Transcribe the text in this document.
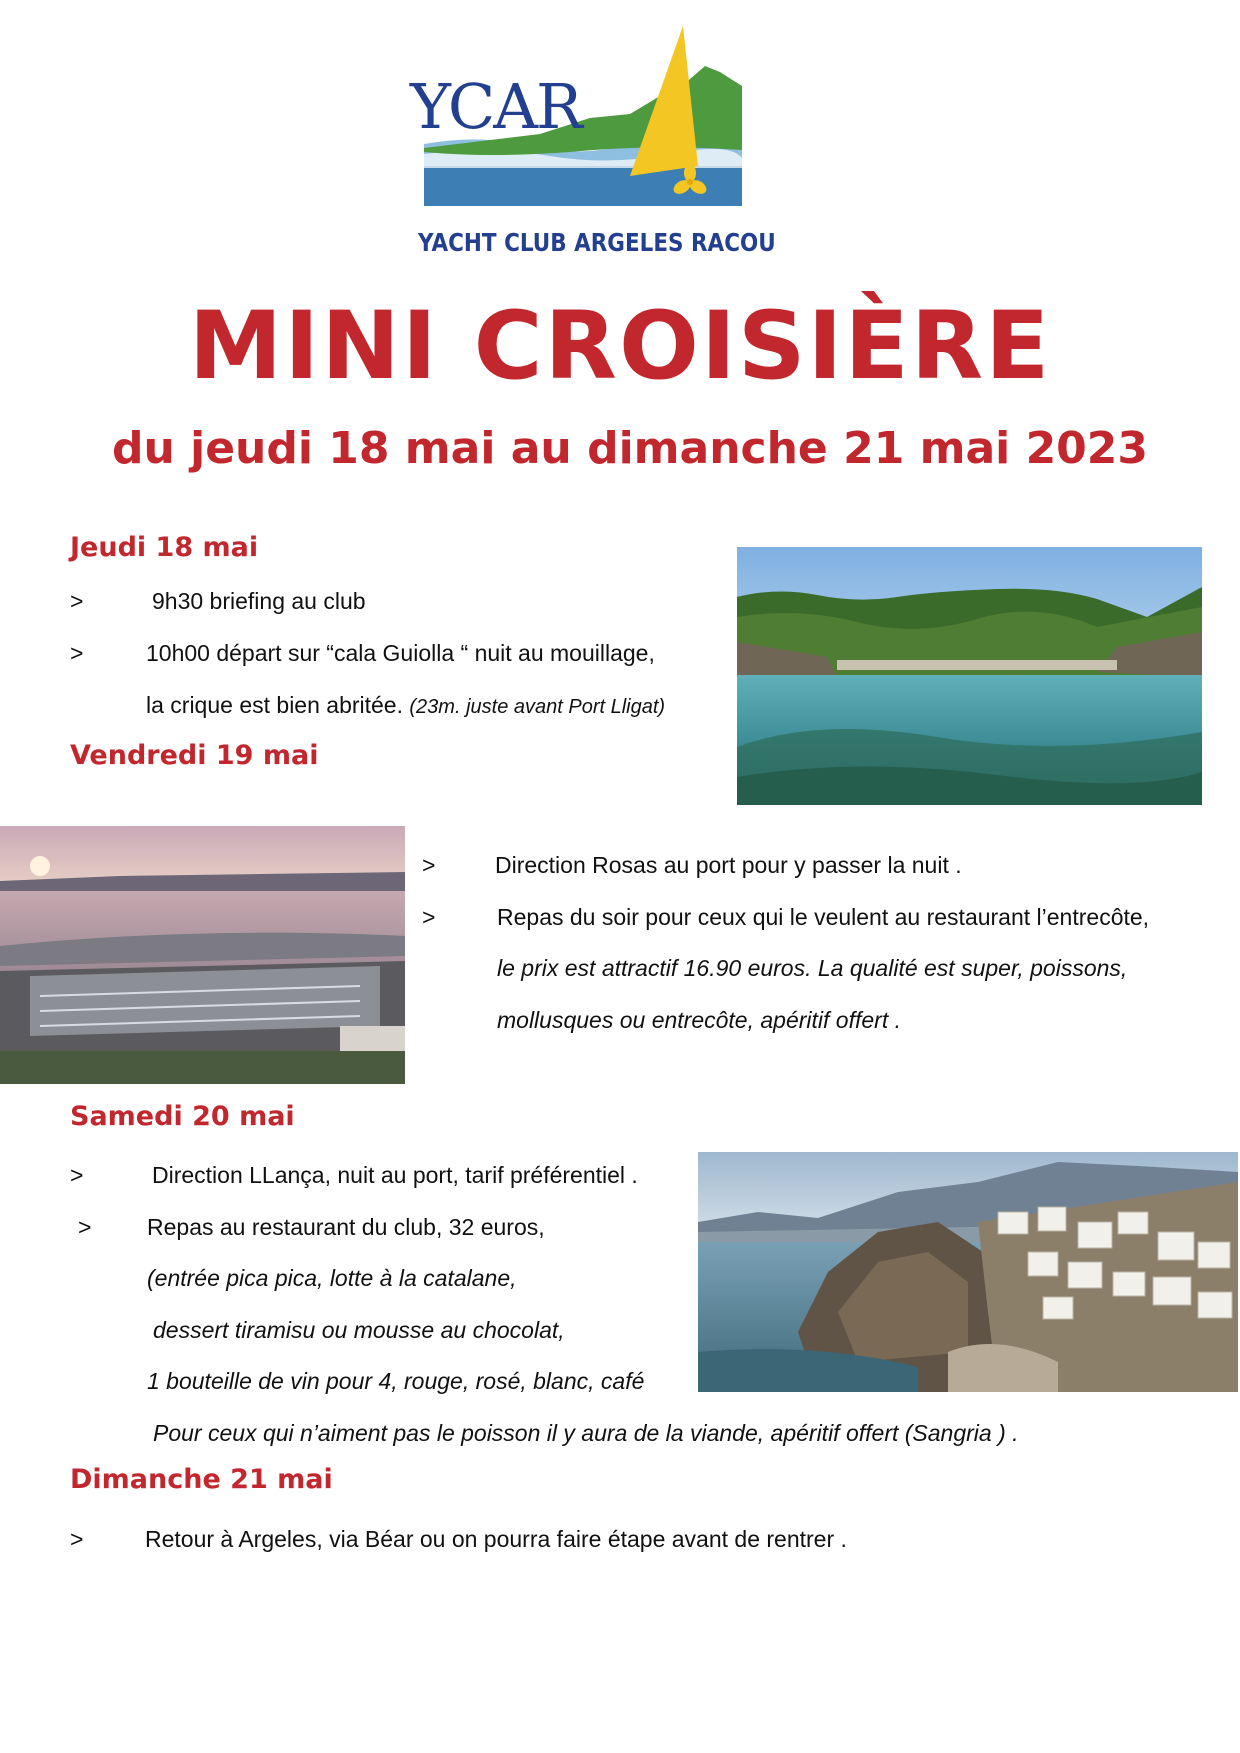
YCAR
YACHT CLUB ARGELES RACOU
MINI CROISIÈRE
du jeudi 18 mai au dimanche 21 mai 2023
Jeudi 18 mai
>	9h30 briefing au club
>	10h00 départ sur “cala Guiolla “ nuit au mouillage,
la crique est bien abritée. (23m. juste avant Port Lligat)
Vendredi 19 mai
>	Direction Rosas au port pour y passer la nuit .
>	Repas du soir pour ceux qui le veulent au restaurant l’entrecôte,
le prix est attractif 16.90 euros. La qualité est super, poissons,
mollusques ou entrecôte, apéritif offert .
Samedi 20 mai
>	Direction LLança, nuit au port, tarif préférentiel .
> Repas au restaurant du club, 32 euros,
(entrée pica pica, lotte à la catalane,
dessert tiramisu ou mousse au chocolat,
1 bouteille de vin pour 4, rouge, rosé, blanc, café
Pour ceux qui n’aiment pas le poisson il y aura de la viande, apéritif offert (Sangria ) .
Dimanche 21 mai
>	Retour à Argeles, via Béar ou on pourra faire étape avant de rentrer .
